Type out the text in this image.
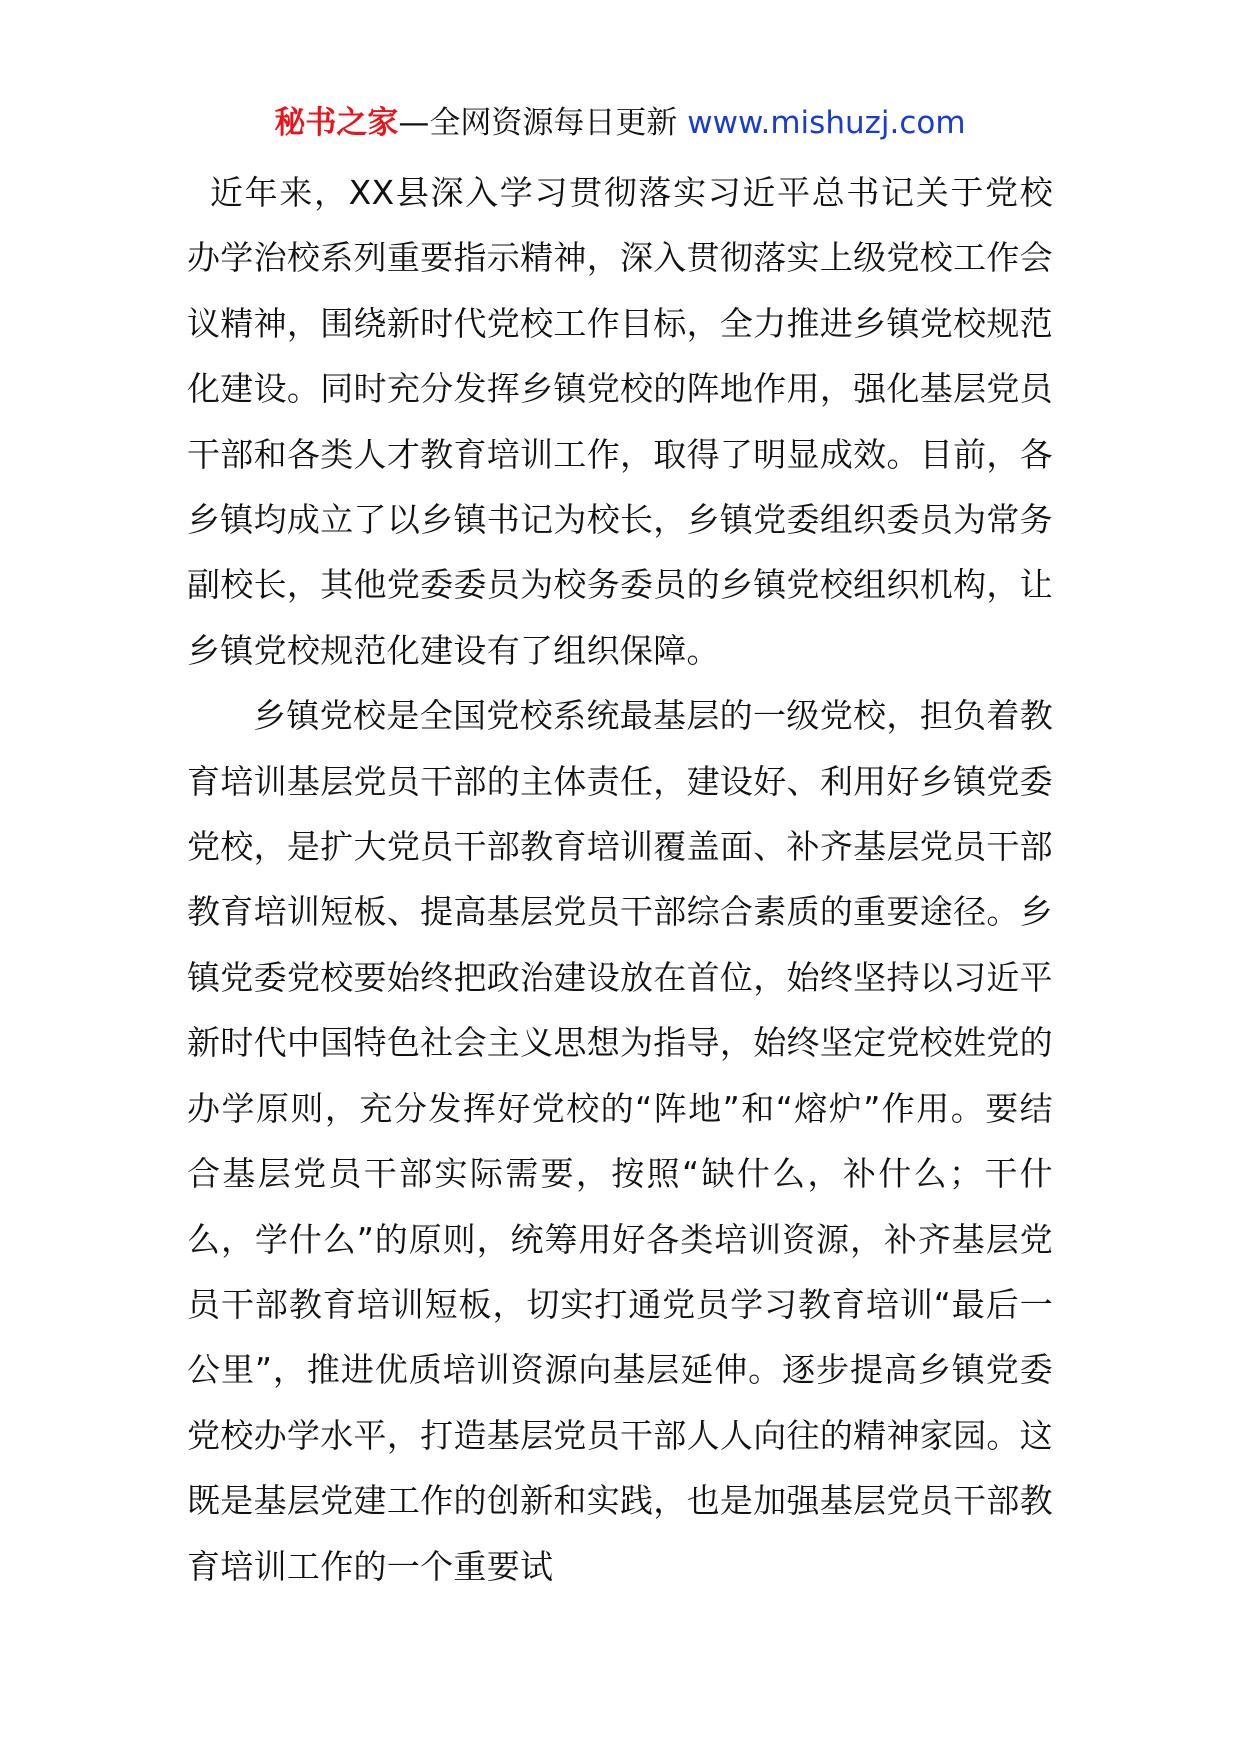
秘书之家—全网资源每日更新 www.mishuzj.com

近年来，XX县深入学习贯彻落实习近平总书记关于党校办学治校系列重要指示精神，深入贯彻落实上级党校工作会议精神，围绕新时代党校工作目标，全力推进乡镇党校规范化建设。同时充分发挥乡镇党校的阵地作用，强化基层党员干部和各类人才教育培训工作，取得了明显成效。目前，各乡镇均成立了以乡镇书记为校长，乡镇党委组织委员为常务副校长，其他党委委员为校务委员的乡镇党校组织机构，让乡镇党校规范化建设有了组织保障。

乡镇党校是全国党校系统最基层的一级党校，担负着教育培训基层党员干部的主体责任，建设好、利用好乡镇党委党校，是扩大党员干部教育培训覆盖面、补齐基层党员干部教育培训短板、提高基层党员干部综合素质的重要途径。乡镇党委党校要始终把政治建设放在首位，始终坚持以习近平新时代中国特色社会主义思想为指导，始终坚定党校姓党的办学原则，充分发挥好党校的“阵地”和“熔炉”作用。要结合基层党员干部实际需要，按照“缺什么，补什么；干什么，学什么”的原则，统筹用好各类培训资源，补齐基层党员干部教育培训短板，切实打通党员学习教育培训“最后一公里”，推进优质培训资源向基层延伸。逐步提高乡镇党委党校办学水平，打造基层党员干部人人向往的精神家园。这既是基层党建工作的创新和实践，也是加强基层党员干部教育培训工作的一个重要试
